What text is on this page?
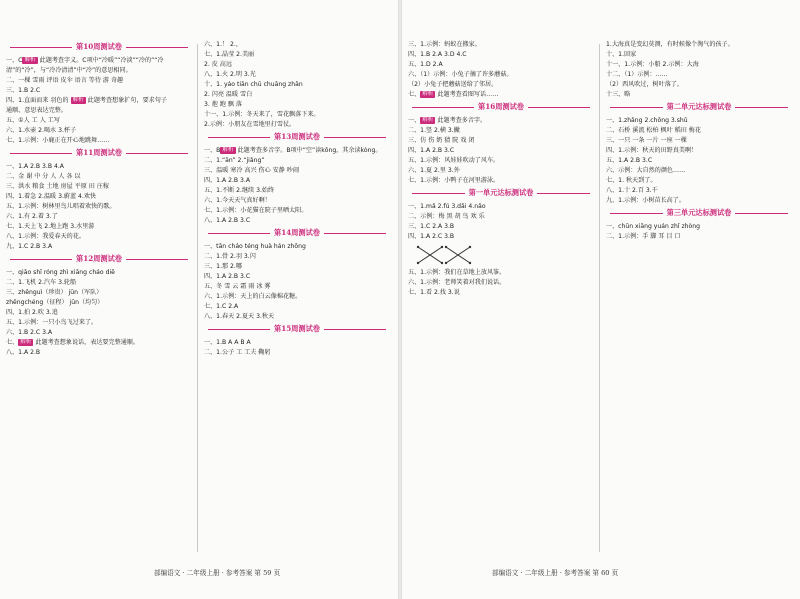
第10周测试卷
一、C 解析 此题考查字义。C项中“冷暖”“冷淡”“冷的”“冷
清”的“冷”，与“冷冷清清”中“冷”的意思相同。
二、一棵 雪雨 评语 皮伞 语言 等待 游 奇趣
三、1.B 2.C
四、1.直面而来 羽色的 解析 此题考查想象扩句，要求句子
通顺、意思表达完整。
五、①人 工 人 工写
六、1.水壶 2.喝水 3.杯子
七、1.示例：小鹿正在开心地跳舞……
第11周测试卷
一、1.A 2.B 3.B 4.A
二、金 谢 中 分 人 人 各 以
三、洪水 粮食 土地 房屋 平原 田 庄稼
四、1.着急 2.温暖 3.蔚蓝 4.欢快
五、1.示例：树林里鸟儿唱着欢快的歌。
六、1.有 2.着 3.了
七、1.天上飞 2.地上跑 3.水里游
八、1.示例：我爱春天的花。
九、1.C 2.B 3.A
第12周测试卷
一、qiāo shī róng zhì xiāng cháo diē
二、1.飞机 2.汽车 3.轮船
三、zhēnguì（珍贵） jūn（军队）
zhēngchéng（征程） jūn（均匀）
四、1.拍 2.吹 3.追
五、1.示例：一只小鸟飞过来了。
六、1.B 2.C 3.A
七、 解析 此题考查想象说话，表达要完整通顺。
八、1.A 2.B
六、1.！ 2.，
七、1.晶莹 2.美丽
2. 皮 高远
八、1.火 2.明 3.光
十、1. yáo tiān chū chuāng zhān
2. 闪亮 温暖 雪白
3. 抱 跑 飘 落
十一、1.示例：冬天来了，雪花飘落下来。
2.示例：小朋友在雪地里打雪仗。
第13周测试卷
一、B 解析 此题考查多音字。B项中“空”读kōng，其余读kòng。
二、1.“ān” 2.“jiǎng”
三、温暖 寒冷 高兴 伤心 安静 吵闹
四、1.A 2.B 3.A
五、1.不断 2.继续 3.始终
六、1.今天天气真好啊！
七、1.示例：小花猫在院子里晒太阳。
八、1.A 2.B 3.C
第14周测试卷
一、tān cháo téng huà hán zhōng
二、1.骨 2.羽 3.闪
三、1.那 2.哪
四、1.A 2.B 3.C
五、冬 雪 云 霜 雨 冰 雾
六、1.示例：天上的白云像棉花糖。
七、1.C 2.A
八、1.春天 2.夏天 3.秋天
第15周测试卷
一、1.B A A B A
二、1.公子 工 工夫 鞠躬
部编语文 · 二年级上册 · 参考答案 第 59 页
三、1.示例：蚂蚁在搬家。
四、1.B 2.A 3.D 4.C
五、1.D 2.A
六、（1）示例：小兔子摘了许多蘑菇。
（2）小兔子把蘑菇送给了邻居。
七、 解析 此题考查看图写话……
第16周测试卷
一、 解析 此题考查多音字。
二、1.竖 2.横 3.撇
三、仿 伤 奶 猜 院 戏 闭
四、1.A 2.B 3.C
五、1.示例：风娃娃吹动了风车。
六、1.夏 2.里 3.外
七、1.示例：小鸭子在河里游泳。
第一单元达标测试卷
一、1.mǎ 2.fú 3.dǎi 4.nǎo
二、示例：梅 黑 胡 鸟 欢 乐
三、1.C 2.A 3.B
四、1.A 2.C 3.B
五、1.示例：我们在草地上放风筝。
六、1.示例：老师笑着对我们说话。
七、1.看 2.找 3.说
1.大海真是变幻莫测，有时候像个淘气的孩子。
十、1.回家
十一、1.示例：小船 2.示例：大海
十二、（1）示例：……
（2）西风吹过，树叶落了。
十三、略
第二单元达标测试卷
一、1.zhǎng 2.chōng 3.shǔ
二、石桥 溪流 松柏 枫叶 稻田 梅花
三、一只 一条 一片 一座 一棵
四、1.示例：秋天的田野真美啊！
五、1.A 2.B 3.C
六、示例：大自然的颜色……
七、1. 秋天到了。
八、1.十 2.百 3.千
九、1.示例：小树苗长高了。
第三单元达标测试卷
一、chūn xiāng yuán zhǐ zhòng
二、1.示例：手 脚 耳 目 口
部编语文 · 二年级上册 · 参考答案 第 60 页
